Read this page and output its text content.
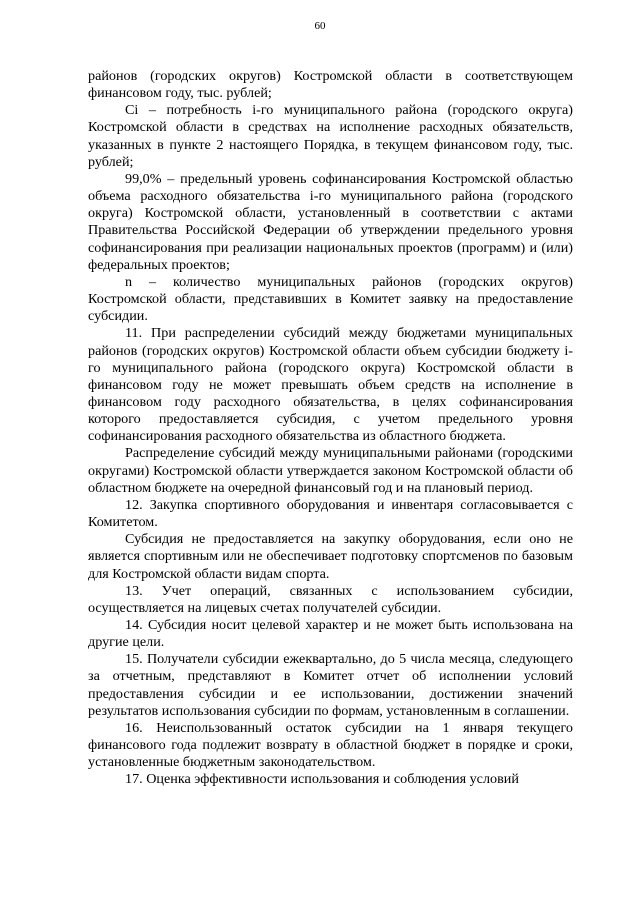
60

районов (городских округов) Костромской области в соответствующем финансовом году, тыс. рублей;

Ci – потребность i-го муниципального района (городского округа) Костромской области в средствах на исполнение расходных обязательств, указанных в пункте 2 настоящего Порядка, в текущем финансовом году, тыс. рублей;

99,0% – предельный уровень софинансирования Костромской областью объема расходного обязательства i-го муниципального района (городского округа) Костромской области, установленный в соответствии с актами Правительства Российской Федерации об утверждении предельного уровня софинансирования при реализации национальных проектов (программ) и (или) федеральных проектов;

n – количество муниципальных районов (городских округов) Костромской области, представивших в Комитет заявку на предоставление субсидии.

11. При распределении субсидий между бюджетами муниципальных районов (городских округов) Костромской области объем субсидии бюджету i-го муниципального района (городского округа) Костромской области в финансовом году не может превышать объем средств на исполнение в финансовом году расходного обязательства, в целях софинансирования которого предоставляется субсидия, с учетом предельного уровня софинансирования расходного обязательства из областного бюджета.

Распределение субсидий между муниципальными районами (городскими округами) Костромской области утверждается законом Костромской области об областном бюджете на очередной финансовый год и на плановый период.

12. Закупка спортивного оборудования и инвентаря согласовывается с Комитетом.

Субсидия не предоставляется на закупку оборудования, если оно не является спортивным или не обеспечивает подготовку спортсменов по базовым для Костромской области видам спорта.

13. Учет операций, связанных с использованием субсидии, осуществляется на лицевых счетах получателей субсидии.

14. Субсидия носит целевой характер и не может быть использована на другие цели.

15. Получатели субсидии ежеквартально, до 5 числа месяца, следующего за отчетным, представляют в Комитет отчет об исполнении условий предоставления субсидии и ее использовании, достижении значений результатов использования субсидии по формам, установленным в соглашении.

16. Неиспользованный остаток субсидии на 1 января текущего финансового года подлежит возврату в областной бюджет в порядке и сроки, установленные бюджетным законодательством.

17. Оценка эффективности использования и соблюдения условий
